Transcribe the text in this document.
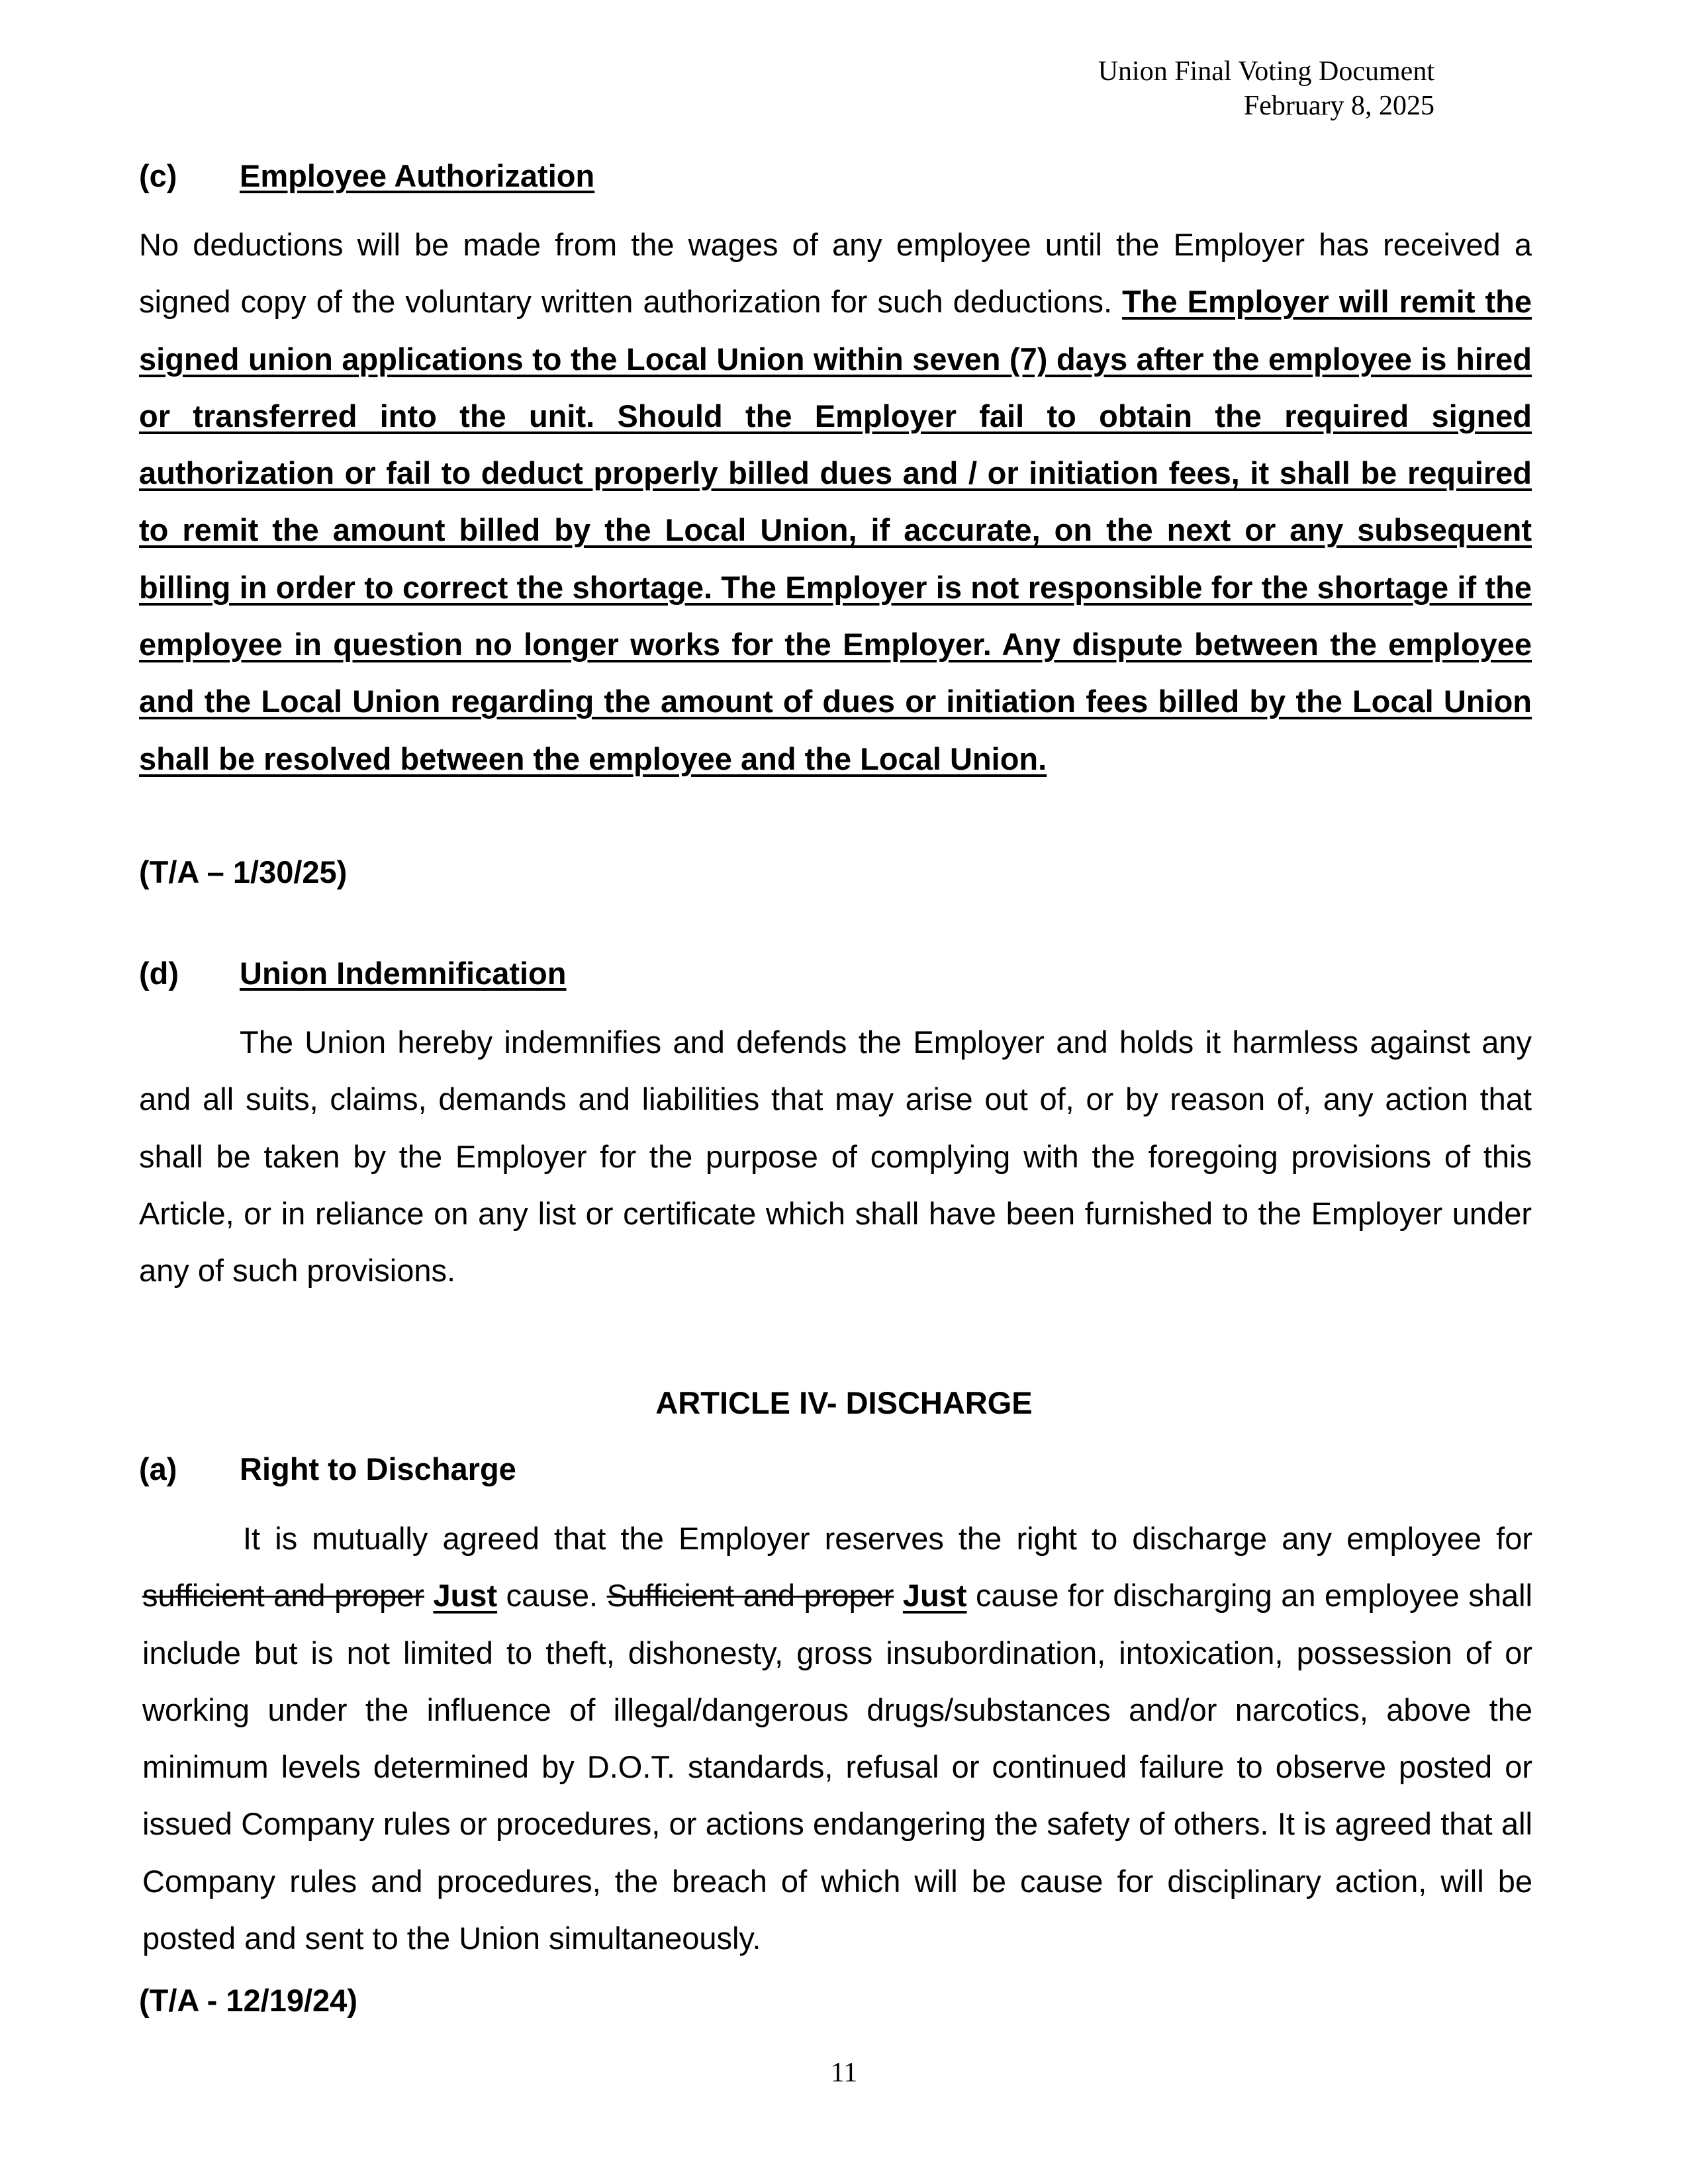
Union Final Voting Document
February 8, 2025
(c) Employee Authorization
No deductions will be made from the wages of any employee until the Employer has received a signed copy of the voluntary written authorization for such deductions. The Employer will remit the signed union applications to the Local Union within seven (7) days after the employee is hired or transferred into the unit. Should the Employer fail to obtain the required signed authorization or fail to deduct properly billed dues and / or initiation fees, it shall be required to remit the amount billed by the Local Union, if accurate, on the next or any subsequent billing in order to correct the shortage. The Employer is not responsible for the shortage if the employee in question no longer works for the Employer. Any dispute between the employee and the Local Union regarding the amount of dues or initiation fees billed by the Local Union shall be resolved between the employee and the Local Union.
(T/A – 1/30/25)
(d) Union Indemnification
The Union hereby indemnifies and defends the Employer and holds it harmless against any and all suits, claims, demands and liabilities that may arise out of, or by reason of, any action that shall be taken by the Employer for the purpose of complying with the foregoing provisions of this Article, or in reliance on any list or certificate which shall have been furnished to the Employer under any of such provisions.
ARTICLE IV- DISCHARGE
(a) Right to Discharge
It is mutually agreed that the Employer reserves the right to discharge any employee for sufficient and proper Just cause. Sufficient and proper Just cause for discharging an employee shall include but is not limited to theft, dishonesty, gross insubordination, intoxication, possession of or working under the influence of illegal/dangerous drugs/substances and/or narcotics, above the minimum levels determined by D.O.T. standards, refusal or continued failure to observe posted or issued Company rules or procedures, or actions endangering the safety of others. It is agreed that all Company rules and procedures, the breach of which will be cause for disciplinary action, will be posted and sent to the Union simultaneously.
(T/A - 12/19/24)
11
